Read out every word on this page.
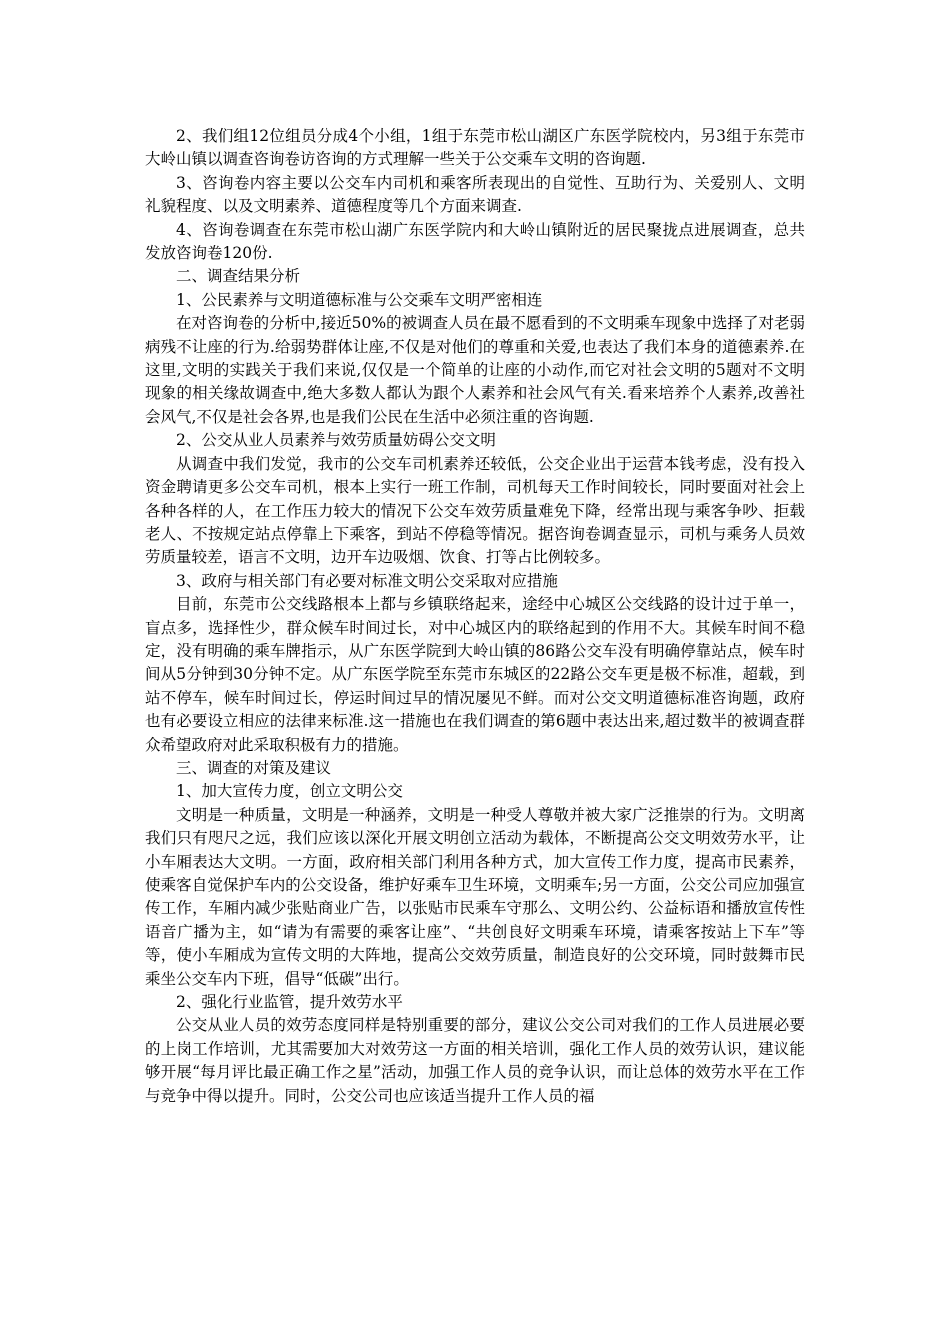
2、我们组12位组员分成4个小组，1组于东莞市松山湖区广东医学院校内，另3组于东莞市大岭山镇以调查咨询卷访咨询的方式理解一些关于公交乘车文明的咨询题.

3、咨询卷内容主要以公交车内司机和乘客所表现出的自觉性、互助行为、关爱别人、文明礼貌程度、以及文明素养、道德程度等几个方面来调查.

4、咨询卷调查在东莞市松山湖广东医学院内和大岭山镇附近的居民聚拢点进展调查，总共发放咨询卷120份.

二、调查结果分析

1、公民素养与文明道德标准与公交乘车文明严密相连

在对咨询卷的分析中,接近50%的被调查人员在最不愿看到的不文明乘车现象中选择了对老弱病残不让座的行为.给弱势群体让座,不仅是对他们的尊重和关爱,也表达了我们本身的道德素养.在这里,文明的实践关于我们来说,仅仅是一个简单的让座的小动作,而它对社会文明的5题对不文明现象的相关缘故调查中,绝大多数人都认为跟个人素养和社会风气有关.看来培养个人素养,改善社会风气,不仅是社会各界,也是我们公民在生活中必须注重的咨询题.

2、公交从业人员素养与效劳质量妨碍公交文明

从调查中我们发觉，我市的公交车司机素养还较低，公交企业出于运营本钱考虑，没有投入资金聘请更多公交车司机，根本上实行一班工作制，司机每天工作时间较长，同时要面对社会上各种各样的人，在工作压力较大的情况下公交车效劳质量难免下降，经常出现与乘客争吵、拒载老人、不按规定站点停靠上下乘客，到站不停稳等情况。据咨询卷调查显示，司机与乘务人员效劳质量较差，语言不文明，边开车边吸烟、饮食、打等占比例较多。

3、政府与相关部门有必要对标准文明公交采取对应措施

目前，东莞市公交线路根本上都与乡镇联络起来，途经中心城区公交线路的设计过于单一，盲点多，选择性少，群众候车时间过长，对中心城区内的联络起到的作用不大。其候车时间不稳定，没有明确的乘车牌指示，从广东医学院到大岭山镇的86路公交车没有明确停靠站点，候车时间从5分钟到30分钟不定。从广东医学院至东莞市东城区的22路公交车更是极不标准，超载，到站不停车，候车时间过长，停运时间过早的情况屡见不鲜。而对公交文明道德标准咨询题，政府也有必要设立相应的法律来标准.这一措施也在我们调查的第6题中表达出来,超过数半的被调查群众希望政府对此采取积极有力的措施。

三、调查的对策及建议

1、加大宣传力度，创立文明公交

文明是一种质量，文明是一种涵养，文明是一种受人尊敬并被大家广泛推崇的行为。文明离我们只有咫尺之远，我们应该以深化开展文明创立活动为载体，不断提高公交文明效劳水平，让小车厢表达大文明。一方面，政府相关部门利用各种方式，加大宣传工作力度，提高市民素养，使乘客自觉保护车内的公交设备，维护好乘车卫生环境，文明乘车;另一方面，公交公司应加强宣传工作，车厢内减少张贴商业广告，以张贴市民乘车守那么、文明公约、公益标语和播放宣传性语音广播为主，如“请为有需要的乘客让座”、“共创良好文明乘车环境，请乘客按站上下车”等等，使小车厢成为宣传文明的大阵地，提高公交效劳质量，制造良好的公交环境，同时鼓舞市民乘坐公交车内下班，倡导“低碳”出行。

2、强化行业监管，提升效劳水平

公交从业人员的效劳态度同样是特别重要的部分，建议公交公司对我们的工作人员进展必要的上岗工作培训，尤其需要加大对效劳这一方面的相关培训，强化工作人员的效劳认识，建议能够开展“每月评比最正确工作之星”活动，加强工作人员的竞争认识，而让总体的效劳水平在工作与竞争中得以提升。同时，公交公司也应该适当提升工作人员的福
